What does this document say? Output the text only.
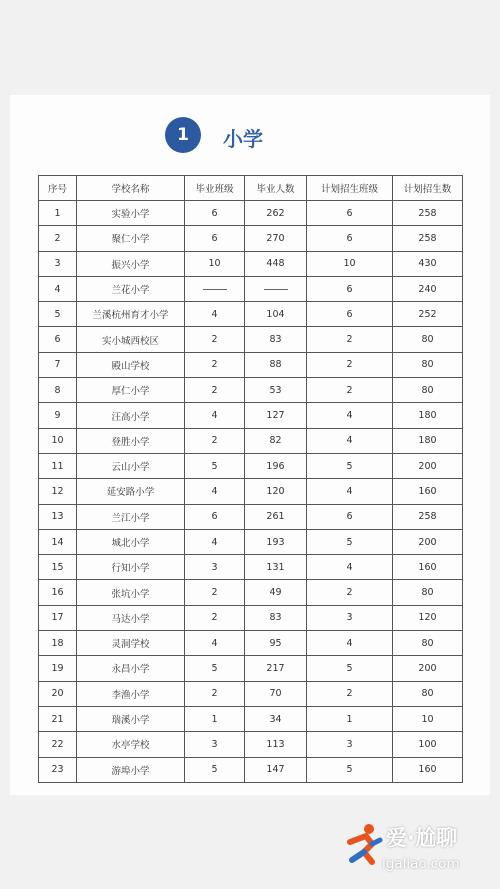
1	小学
序号	学校名称	毕业班级	毕业人数	计划招生班级	计划招生数
1	实验小学	6	262	6	258
2	聚仁小学	6	270	6	258
3	振兴小学	10	448	10	430
4	兰花小学			6	240
5	兰溪杭州育才小学	4	104	6	252
6	实小城西校区	2	83	2	80
7	殿山学校	2	88	2	80
8	厚仁小学	2	53	2	80
9	汪高小学	4	127	4	180
10	登胜小学	2	82	4	180
11	云山小学	5	196	5	200
12	延安路小学	4	120	4	160
13	兰江小学	6	261	6	258
14	城北小学	4	193	5	200
15	行知小学	3	131	4	160
16	张坑小学	2	49	2	80
17	马达小学	2	83	3	120
18	灵洞学校	4	95	4	80
19	永昌小学	5	217	5	200
20	李渔小学	2	70	2	80
21	瑞溪小学	1	34	1	10
22	水亭学校	3	113	3	100
23	游埠小学	5	147	5	160
爱·尬聊
igaliao.com
